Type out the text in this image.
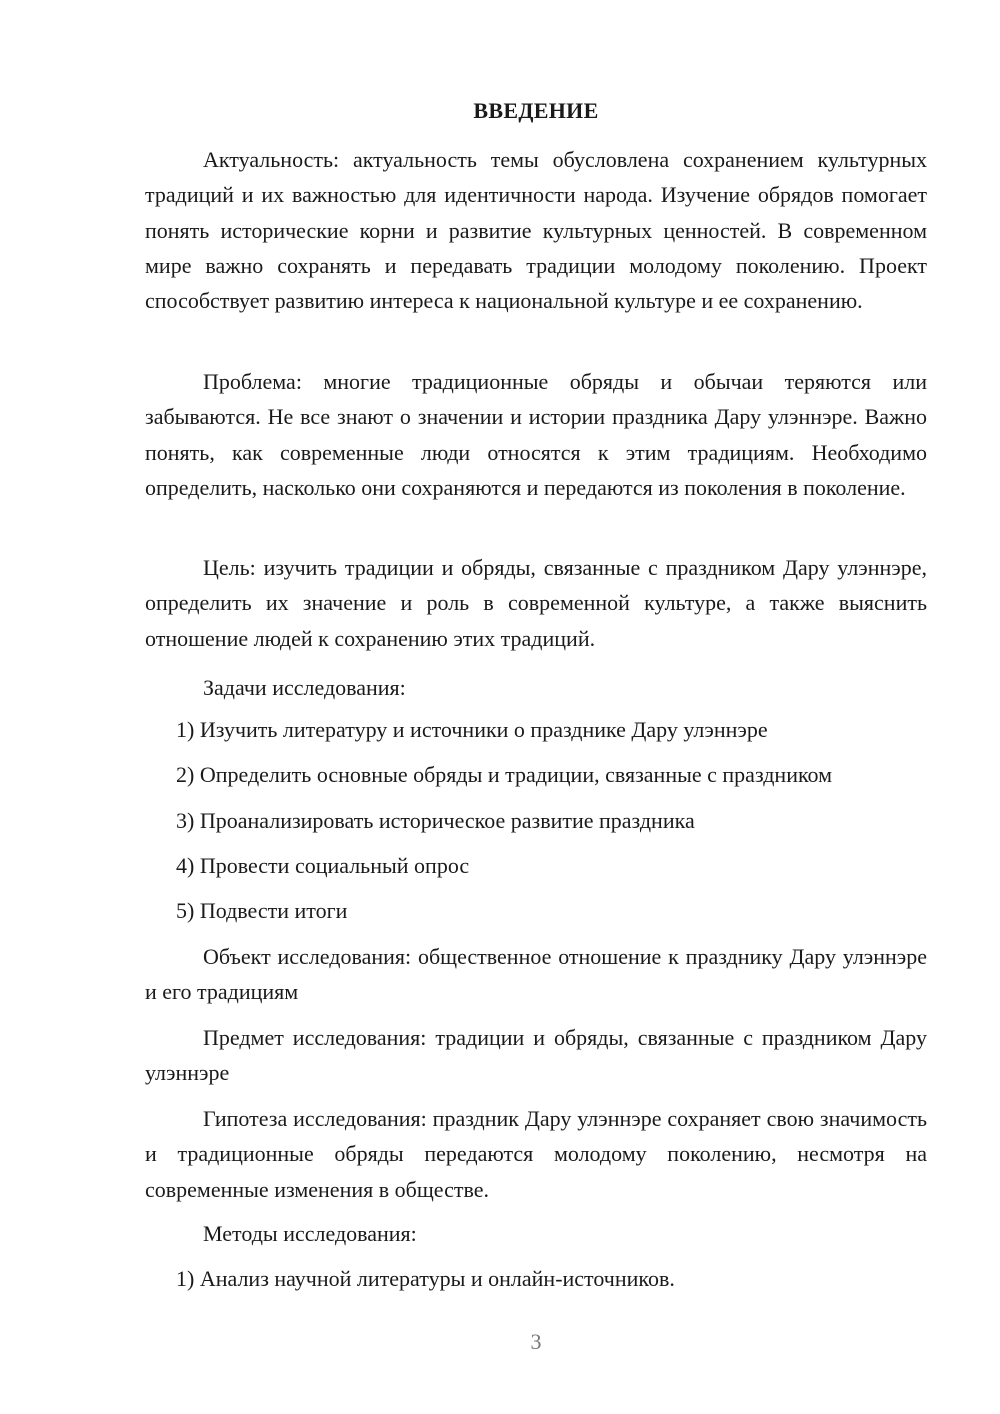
ВВЕДЕНИЕ

Актуальность: актуальность темы обусловлена сохранением культурных традиций и их важностью для идентичности народа. Изучение обрядов помогает понять исторические корни и развитие культурных ценностей. В современном мире важно сохранять и передавать традиции молодому поколению. Проект способствует развитию интереса к национальной культуре и ее сохранению.

Проблема: многие традиционные обряды и обычаи теряются или забываются. Не все знают о значении и истории праздника Дару улэннэре. Важно понять, как современные люди относятся к этим традициям. Необходимо определить, насколько они сохраняются и передаются из поколения в поколение.

Цель: изучить традиции и обряды, связанные с праздником Дару улэннэре, определить их значение и роль в современной культуре, а также выяснить отношение людей к сохранению этих традиций.

Задачи исследования:

1) Изучить литературу и источники о празднике Дару улэннэре

2) Определить основные обряды и традиции, связанные с праздником

3) Проанализировать историческое развитие праздника

4) Провести социальный опрос

5) Подвести итоги

Объект исследования: общественное отношение к празднику Дару улэннэре и его традициям

Предмет исследования: традиции и обряды, связанные с праздником Дару улэннэре

Гипотеза исследования: праздник Дару улэннэре сохраняет свою значимость и традиционные обряды передаются молодому поколению, несмотря на современные изменения в обществе.

Методы исследования:

1) Анализ научной литературы и онлайн-источников.

3
